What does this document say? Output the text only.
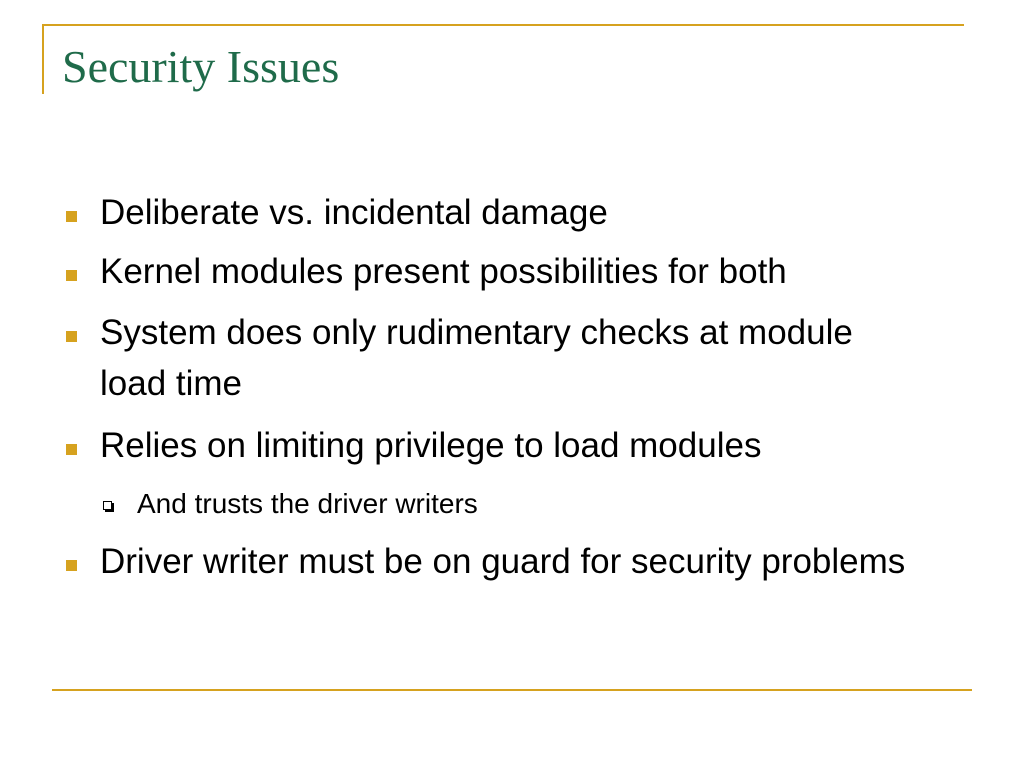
Security Issues
Deliberate vs. incidental damage
Kernel modules present possibilities for both
System does only rudimentary checks at module load time
Relies on limiting privilege to load modules
And trusts the driver writers
Driver writer must be on guard for security problems
